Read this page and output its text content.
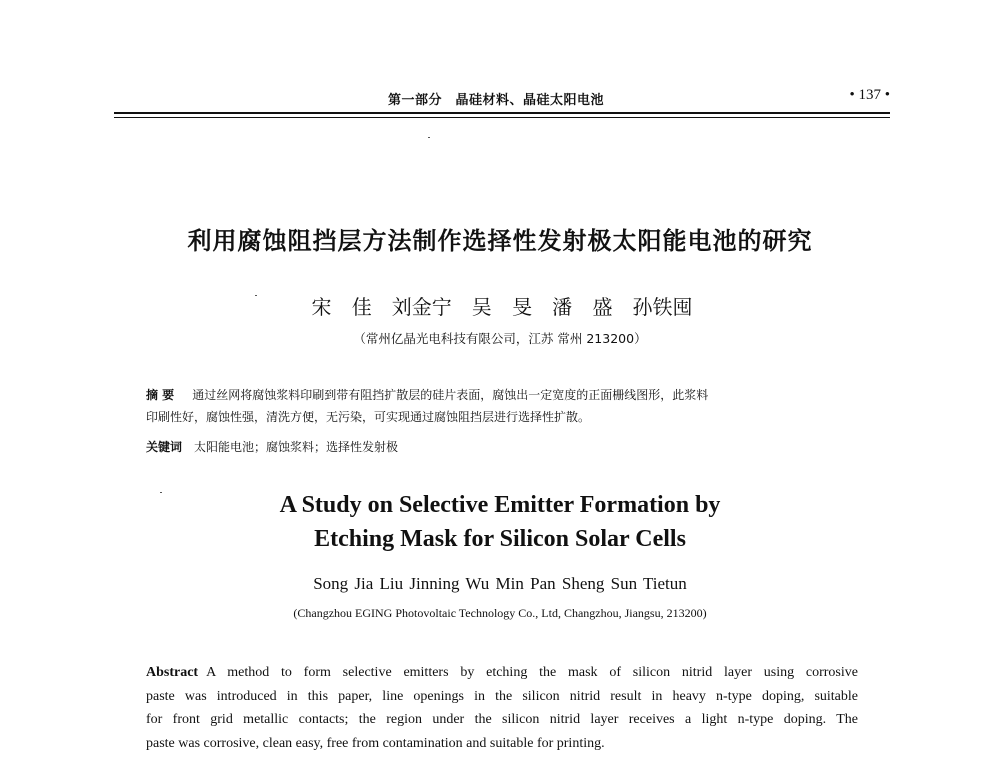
第一部分　晶硅材料、晶硅太阳电池	• 137 •
利用腐蚀阻挡层方法制作选择性发射极太阳能电池的研究
宋 佳　刘金宁　吴 旻　潘 盛　孙铁囤
（常州亿晶光电科技有限公司，江苏 常州 213200）
摘 要 通过丝网将腐蚀浆料印刷到带有阻挡扩散层的硅片表面，腐蚀出一定宽度的正面栅线图形，此浆料
印刷性好，腐蚀性强，清洗方便，无污染，可实现通过腐蚀阻挡层进行选择性扩散。
关键词 太阳能电池；腐蚀浆料；选择性发射极
A Study on Selective Emitter Formation by
Etching Mask for Silicon Solar Cells
Song Jia Liu Jinning Wu Min Pan Sheng Sun Tietun
(Changzhou EGING Photovoltaic Technology Co., Ltd, Changzhou, Jiangsu, 213200)
Abstract A method to form selective emitters by etching the mask of silicon nitrid layer using corrosive
paste was introduced in this paper, line openings in the silicon nitrid result in heavy n-type doping, suitable
for front grid metallic contacts; the region under the silicon nitrid layer receives a light n-type doping. The
paste was corrosive, clean easy, free from contamination and suitable for printing.
